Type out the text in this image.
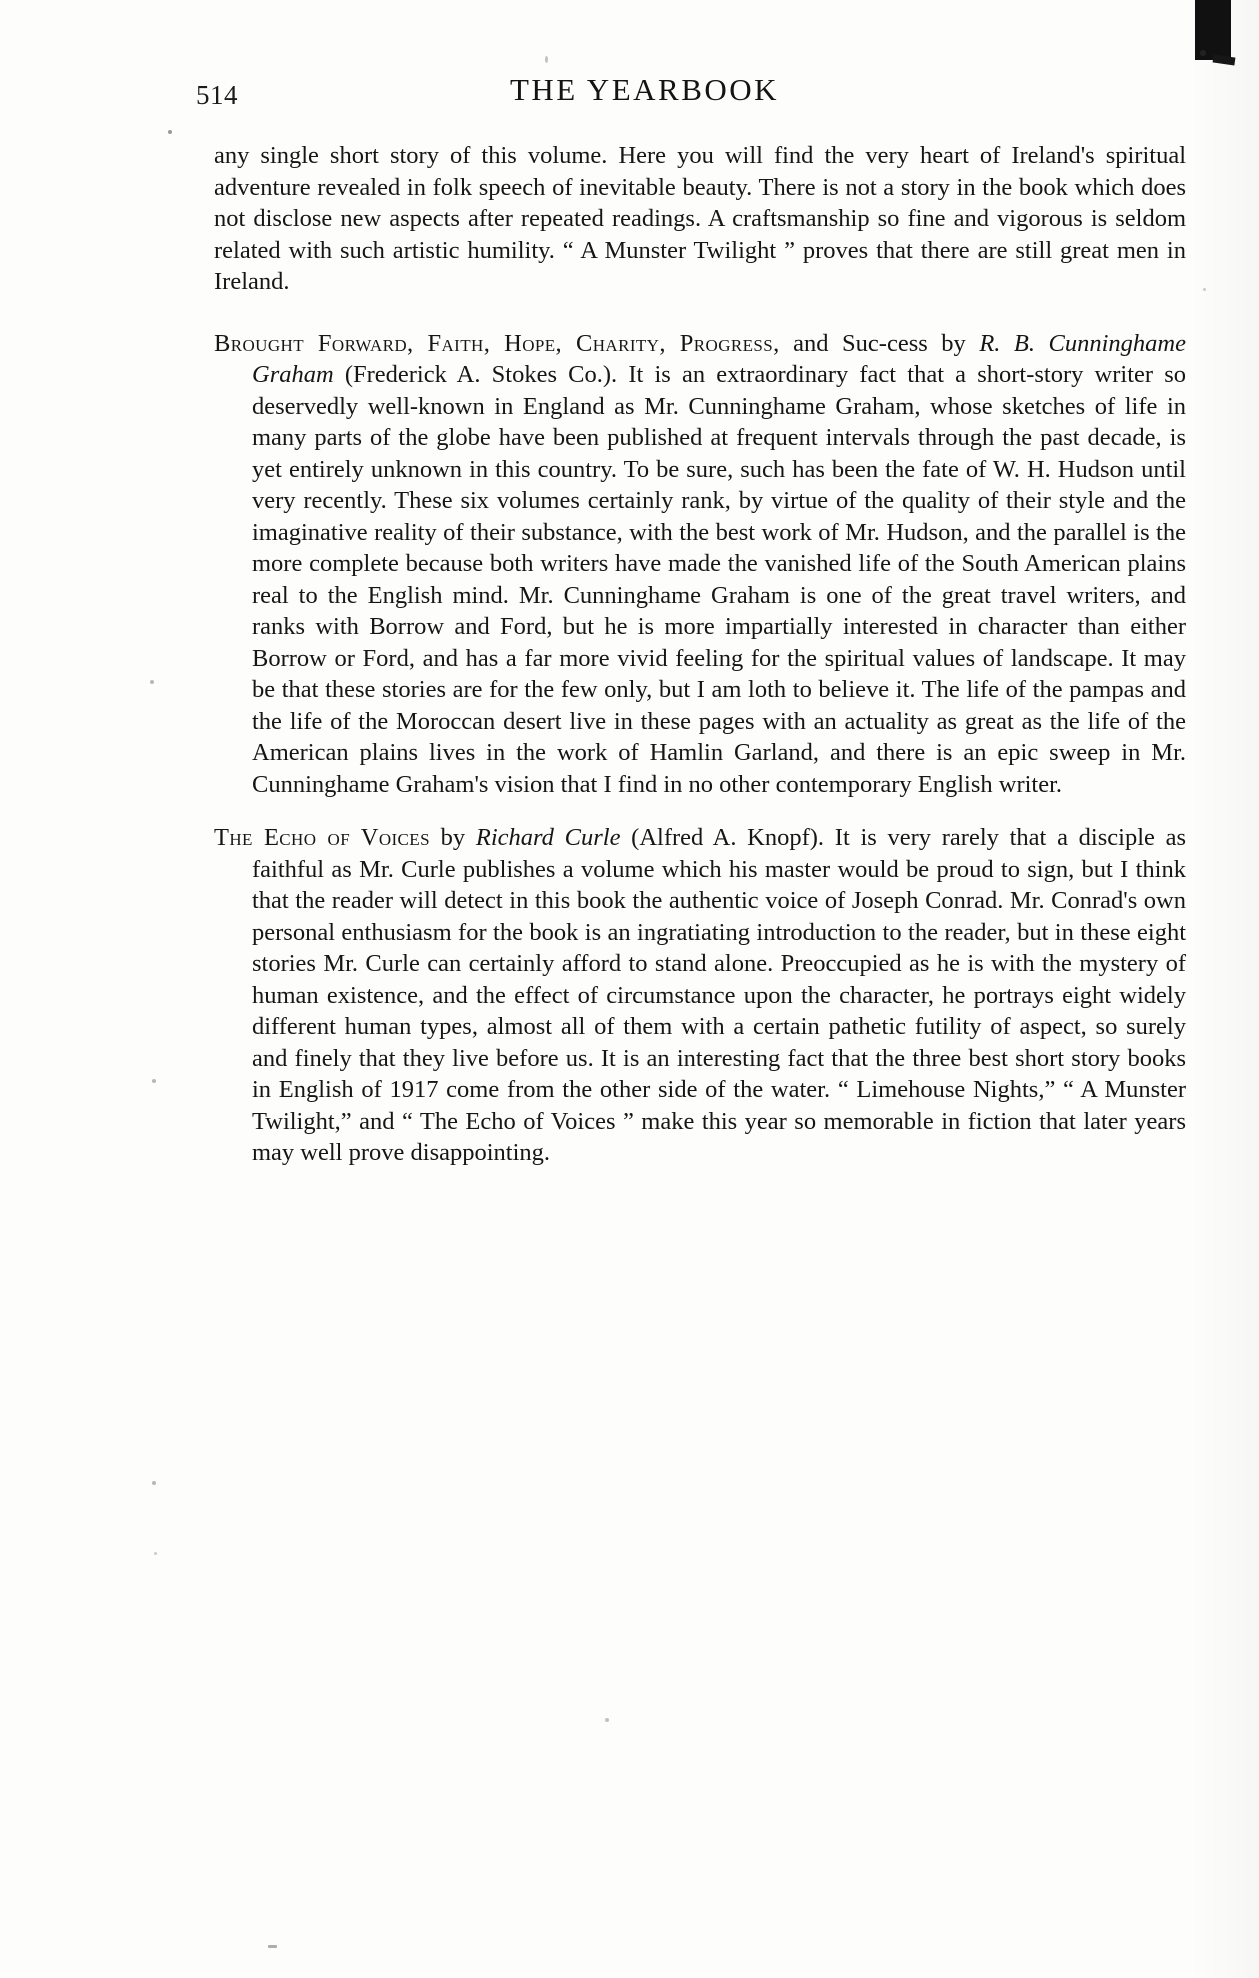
514	THE YEARBOOK

any single short story of this volume. Here you will find the very heart of Ireland's spiritual adventure revealed in folk speech of inevitable beauty. There is not a story in the book which does not disclose new aspects after repeated readings. A craftsmanship so fine and vigorous is seldom related with such artistic humility. “ A Munster Twilight ” proves that there are still great men in Ireland.

Brought Forward, Faith, Hope, Charity, Progress, and Suc-cess by R. B. Cunninghame Graham (Frederick A. Stokes Co.). It is an extraordinary fact that a short-story writer so deservedly well-known in England as Mr. Cunninghame Graham, whose sketches of life in many parts of the globe have been published at frequent intervals through the past decade, is yet entirely unknown in this country. To be sure, such has been the fate of W. H. Hudson until very recently. These six volumes certainly rank, by virtue of the quality of their style and the imaginative reality of their substance, with the best work of Mr. Hudson, and the parallel is the more complete because both writers have made the vanished life of the South American plains real to the English mind. Mr. Cunninghame Graham is one of the great travel writers, and ranks with Borrow and Ford, but he is more impartially interested in character than either Borrow or Ford, and has a far more vivid feeling for the spiritual values of landscape. It may be that these stories are for the few only, but I am loth to believe it. The life of the pampas and the life of the Moroccan desert live in these pages with an actuality as great as the life of the American plains lives in the work of Hamlin Garland, and there is an epic sweep in Mr. Cunninghame Graham's vision that I find in no other contemporary English writer.

The Echo of Voices by Richard Curle (Alfred A. Knopf). It is very rarely that a disciple as faithful as Mr. Curle publishes a volume which his master would be proud to sign, but I think that the reader will detect in this book the authentic voice of Joseph Conrad. Mr. Conrad's own personal enthusiasm for the book is an ingratiating introduction to the reader, but in these eight stories Mr. Curle can certainly afford to stand alone. Preoccupied as he is with the mystery of human existence, and the effect of circumstance upon the character, he portrays eight widely different human types, almost all of them with a certain pathetic futility of aspect, so surely and finely that they live before us. It is an interesting fact that the three best short story books in English of 1917 come from the other side of the water. “ Limehouse Nights,” “ A Munster Twilight,” and “ The Echo of Voices ” make this year so memorable in fiction that later years may well prove disappointing.
